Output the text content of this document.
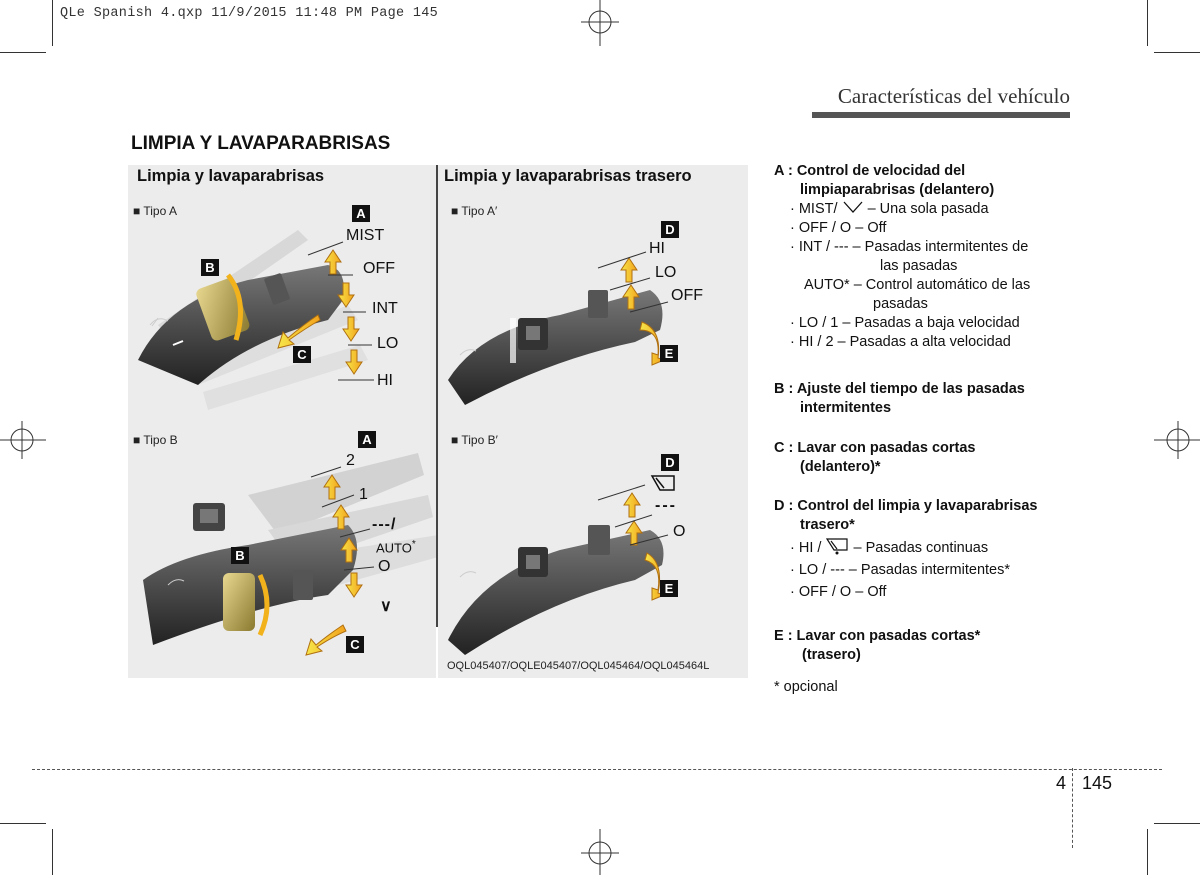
QLe Spanish 4.qxp 11/9/2015 11:48 PM Page 145
Características del vehículo
LIMPIA Y LAVAPARABRISAS
Limpia y lavaparabrisas	Limpia y lavaparabrisas trasero
■ Tipo A
■ Tipo B
■ Tipo A′
■ Tipo B′
A
B
C
MIST
OFF
INT
LO
HI
A
B
C
2
1
---/
AUTO*
O
∨
D
E
HI
LO
OFF
D
E
---
O
OQL045407/OQLE045407/OQL045464/OQL045464L
A : Control de velocidad del
limpiaparabrisas (delantero)
· MIST/ – Una sola pasada
· OFF / O – Off
· INT / --- – Pasadas intermitentes de
las pasadas
AUTO* – Control automático de las
pasadas
· LO / 1 – Pasadas a baja velocidad
· HI / 2 – Pasadas a alta velocidad
B : Ajuste del tiempo de las pasadas
intermitentes
C : Lavar con pasadas cortas
(delantero)*
D : Control del limpia y lavaparabrisas
trasero*
· HI / – Pasadas continuas
· LO / --- – Pasadas intermitentes*
· OFF / O – Off
E : Lavar con pasadas cortas*
(trasero)
* opcional
4 145
